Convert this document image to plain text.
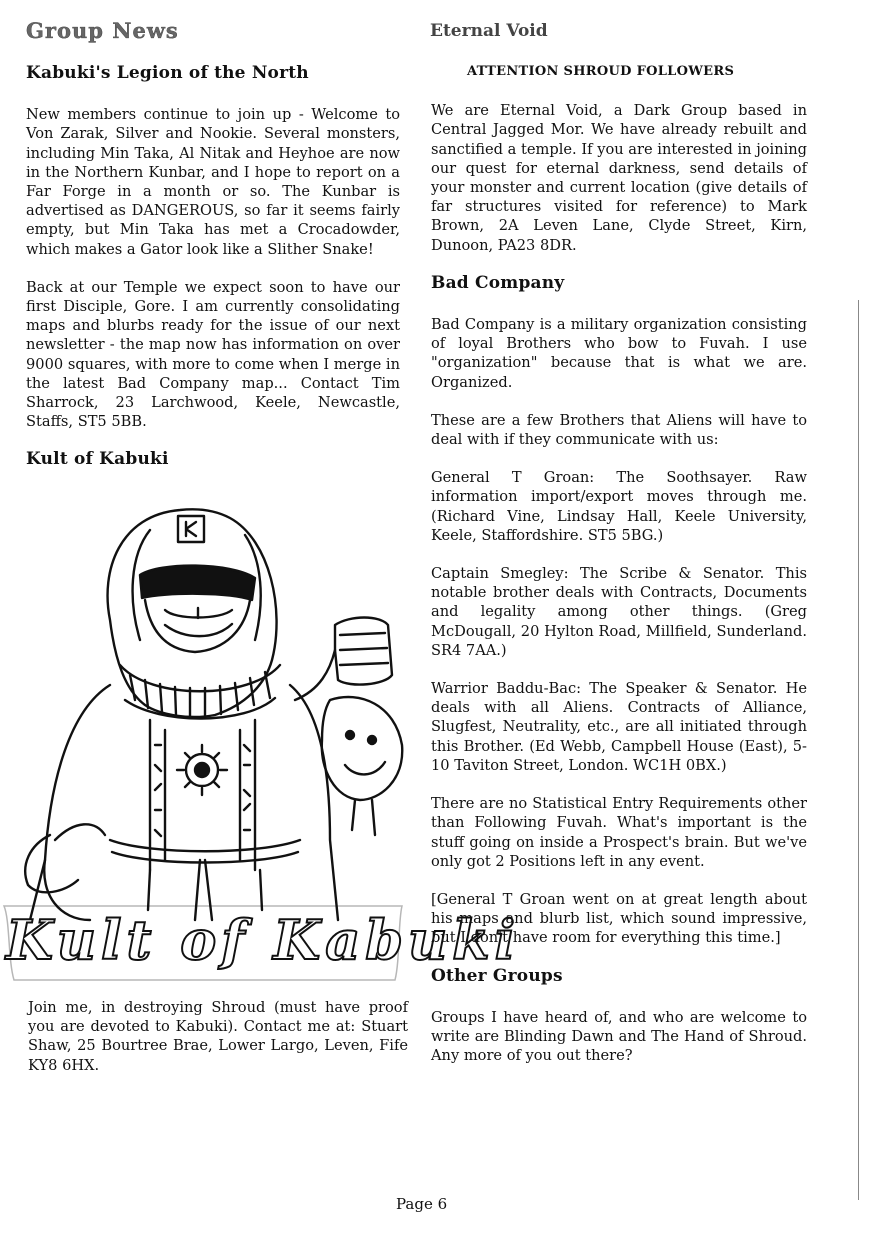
Group News	Eternal Void
Kabuki's Legion of the North

New members continue to join up - Welcome to Von Zarak, Silver and Nookie. Several monsters, including Min Taka, Al Nitak and Heyhoe are now in the Northern Kunbar, and I hope to report on a Far Forge in a month or so. The Kunbar is advertised as DANGEROUS, so far it seems fairly empty, but Min Taka has met a Crocadowder, which makes a Gator look like a Slither Snake!

Back at our Temple we expect soon to have our first Disciple, Gore. I am currently consolidating maps and blurbs ready for the issue of our next newsletter - the map now has information on over 9000 squares, with more to come when I merge in the latest Bad Company map... Contact Tim Sharrock, 23 Larchwood, Keele, Newcastle, Staffs, ST5 5BB.

Kult of Kabuki
Kult of Kabuki
Join me, in destroying Shroud (must have proof you are devoted to Kabuki). Contact me at: Stuart Shaw, 25 Bourtree Brae, Lower Largo, Leven, Fife KY8 6HX.
ATTENTION SHROUD FOLLOWERS

We are Eternal Void, a Dark Group based in Central Jagged Mor. We have already rebuilt and sanctified a temple. If you are interested in joining our quest for eternal darkness, send details of your monster and current location (give details of far structures visited for reference) to Mark Brown, 2A Leven Lane, Clyde Street, Kirn, Dunoon, PA23 8DR.

Bad Company

Bad Company is a military organization consisting of loyal Brothers who bow to Fuvah. I use "organization" because that is what we are. Organized.

These are a few Brothers that Aliens will have to deal with if they communicate with us:

General T Groan: The Soothsayer. Raw information import/export moves through me. (Richard Vine, Lindsay Hall, Keele University, Keele, Staffordshire. ST5 5BG.)

Captain Smegley: The Scribe & Senator. This notable brother deals with Contracts, Documents and legality among other things. (Greg McDougall, 20 Hylton Road, Millfield, Sunderland. SR4 7AA.)

Warrior Baddu-Bac: The Speaker & Senator. He deals with all Aliens. Contracts of Alliance, Slugfest, Neutrality, etc., are all initiated through this Brother. (Ed Webb, Campbell House (East), 5-10 Taviton Street, London. WC1H 0BX.)

There are no Statistical Entry Requirements other than Following Fuvah. What's important is the stuff going on inside a Prospect's brain. But we've only got 2 Positions left in any event.

[General T Groan went on at great length about his maps and blurb list, which sound impressive, but I don't have room for everything this time.]

Other Groups

Groups I have heard of, and who are welcome to write are Blinding Dawn and The Hand of Shroud. Any more of you out there?

Page 6
